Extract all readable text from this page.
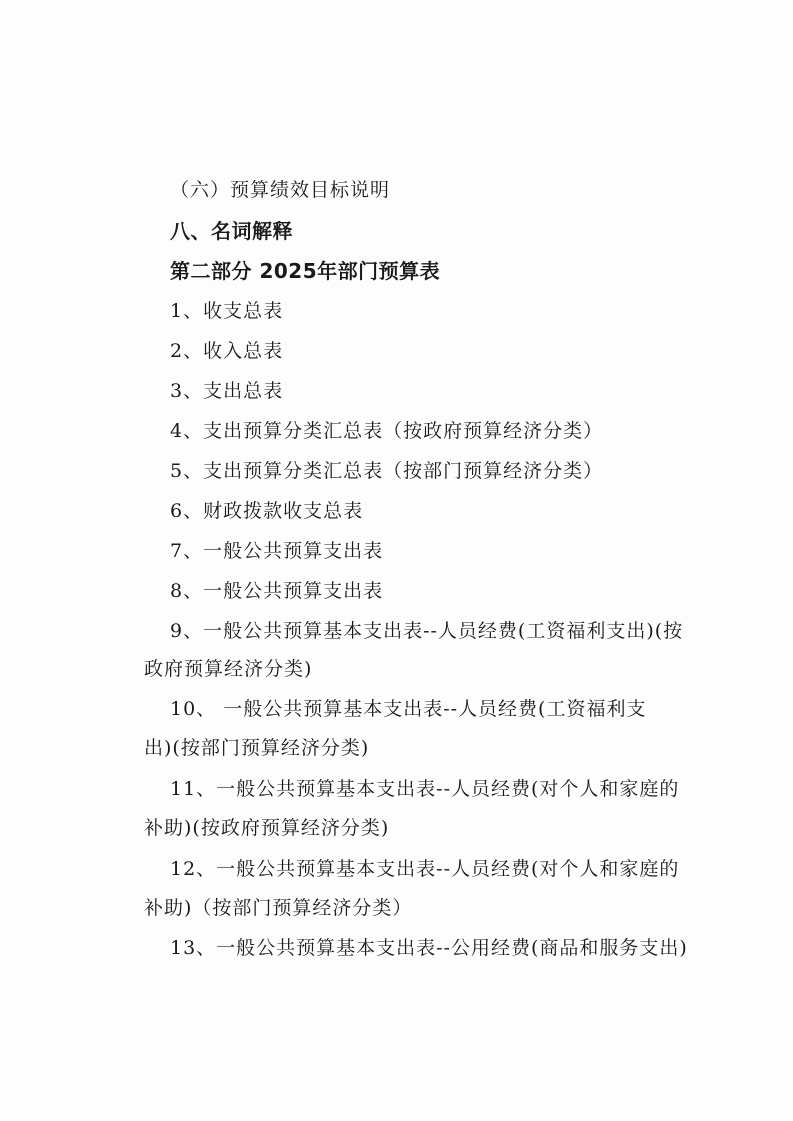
（六）预算绩效目标说明
八、名词解释
第二部分 2025年部门预算表
1、收支总表
2、收入总表
3、支出总表
4、支出预算分类汇总表（按政府预算经济分类）
5、支出预算分类汇总表（按部门预算经济分类）
6、财政拨款收支总表
7、一般公共预算支出表
8、一般公共预算支出表
9、一般公共预算基本支出表--人员经费(工资福利支出)(按
政府预算经济分类)
10、 一般公共预算基本支出表--人员经费(工资福利支
出)(按部门预算经济分类)
11、一般公共预算基本支出表--人员经费(对个人和家庭的
补助)(按政府预算经济分类)
12、一般公共预算基本支出表--人员经费(对个人和家庭的
补助)（按部门预算经济分类）
13、一般公共预算基本支出表--公用经费(商品和服务支出)
